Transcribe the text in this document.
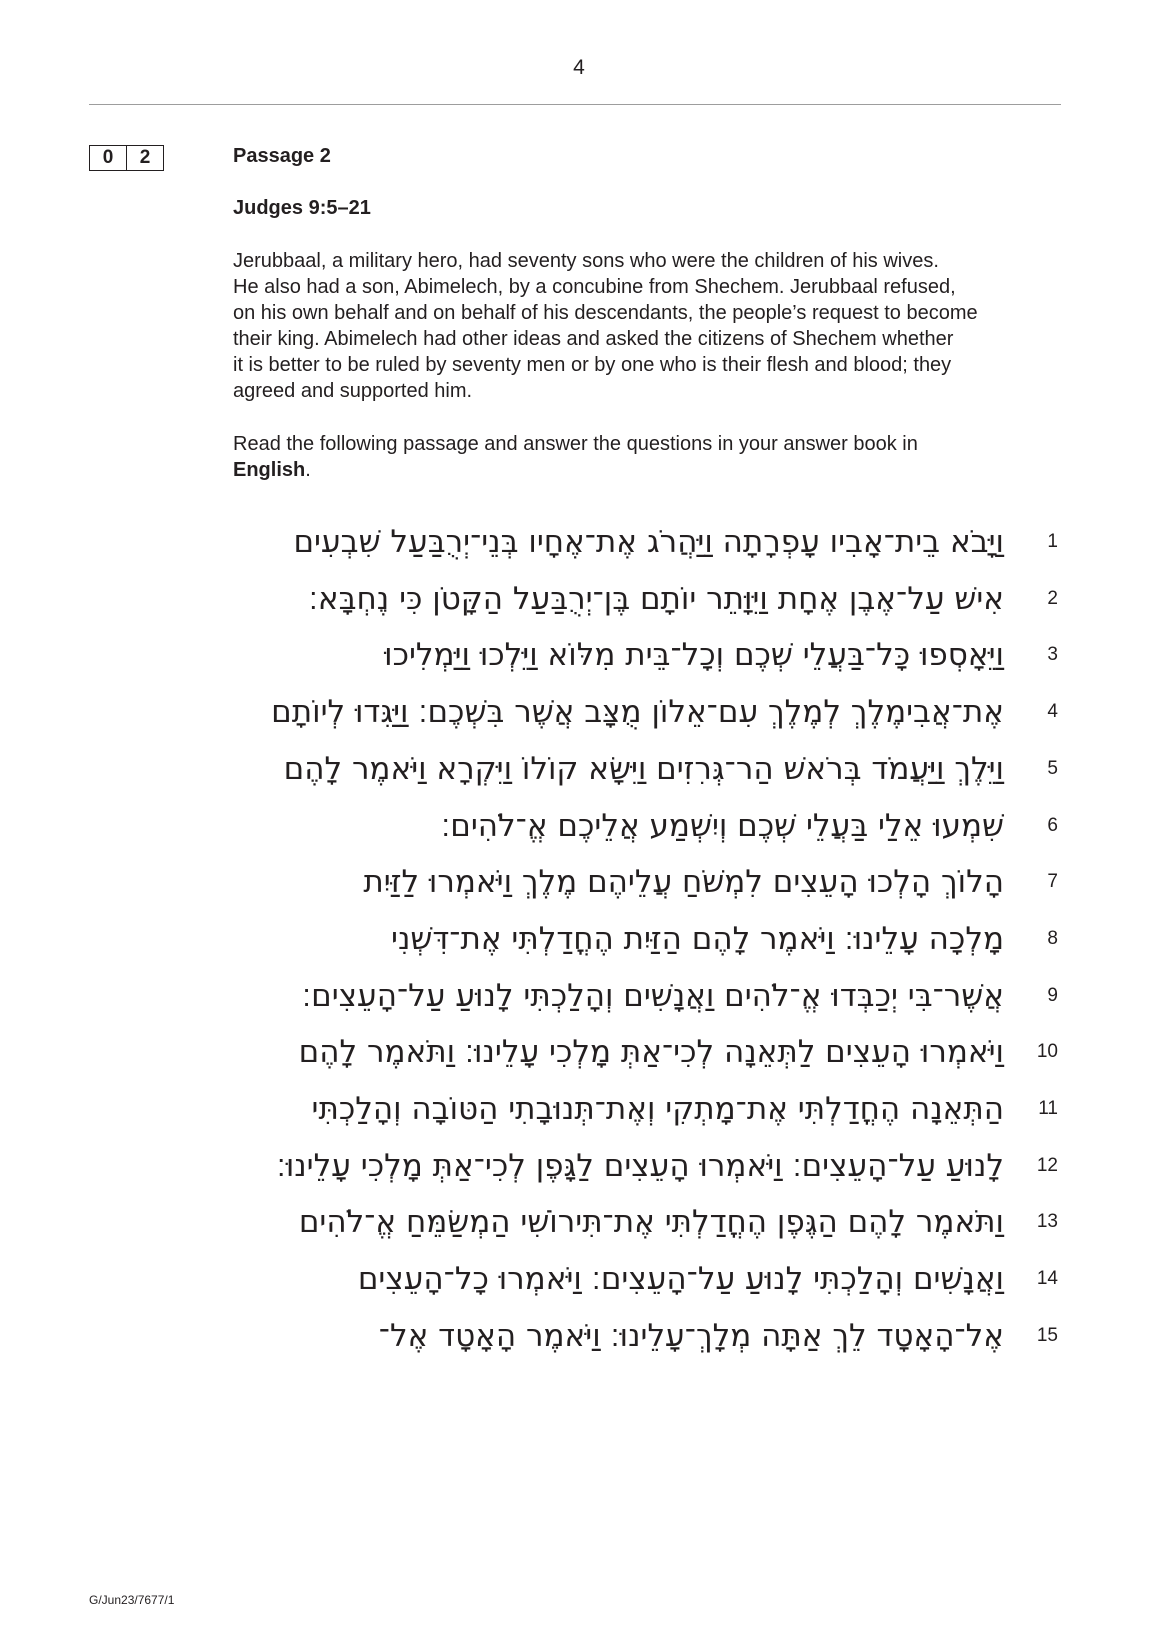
4
0	2	Passage 2
Judges 9:5–21

Jerubbaal, a military hero, had seventy sons who were the children of his wives.
He also had a son, Abimelech, by a concubine from Shechem. Jerubbaal refused,
on his own behalf and on behalf of his descendants, the people’s request to become
their king. Abimelech had other ideas and asked the citizens of Shechem whether
it is better to be ruled by seventy men or by one who is their flesh and blood; they
agreed and supported him.

Read the following passage and answer the questions in your answer book in
English.

1
וַיָּבֹא בֵית־אָבִיו עָפְרָתָה וַיַּהֲרֹג אֶת־אֶחָיו בְּנֵי־יְרֻבַּעַל שִׁבְעִים
2
אִישׁ עַל־אֶבֶן אֶחָת וַיִּוָּתֵר יוֹתָם בֶּן־יְרֻבַּעַל הַקָּטֹן כִּי נֶחְבָּא׃
3
וַיֵּאָסְפוּ כָּל־בַּעֲלֵי שְׁכֶם וְכָל־בֵּית מִלּוֹא וַיֵּלְכוּ וַיַּמְלִיכוּ
4
אֶת־אֲבִימֶלֶךְ לְמֶלֶךְ עִם־אֵלוֹן מֻצָּב אֲשֶׁר בִּשְׁכֶם׃ וַיַּגִּדוּ לְיוֹתָם
5
וַיֵּלֶךְ וַיַּעֲמֹד בְּרֹאשׁ הַר־גְּרִזִים וַיִּשָּׂא קוֹלוֹ וַיִּקְרָא וַיֹּאמֶר לָהֶם
6
שִׁמְעוּ אֵלַי בַּעֲלֵי שְׁכֶם וְיִשְׁמַע אֲלֵיכֶם אֱ־לֹהִים׃
7
הָלוֹךְ הָלְכוּ הָעֵצִים לִמְשֹׁחַ עֲלֵיהֶם מֶלֶךְ וַיֹּאמְרוּ לַזַּיִת
8
מָלְכָה עָלֵינוּ׃ וַיֹּאמֶר לָהֶם הַזַּיִת הֶחֳדַלְתִּי אֶת־דִּשְׁנִי
9
אֲשֶׁר־בִּי יְכַבְּדוּ אֱ־לֹהִים וַאֲנָשִׁים וְהָלַכְתִּי לָנוּעַ עַל־הָעֵצִים׃
10
וַיֹּאמְרוּ הָעֵצִים לַתְּאֵנָה לְכִי־אַתְּ מָלְכִי עָלֵינוּ׃ וַתֹּאמֶר לָהֶם
11
הַתְּאֵנָה הֶחֳדַלְתִּי אֶת־מָתְקִי וְאֶת־תְּנוּבָתִי הַטּוֹבָה וְהָלַכְתִּי
12
לָנוּעַ עַל־הָעֵצִים׃ וַיֹּאמְרוּ הָעֵצִים לַגָּפֶן לְכִי־אַתְּ מָלְכִי עָלֵינוּ׃
13
וַתֹּאמֶר לָהֶם הַגֶּפֶן הֶחֳדַלְתִּי אֶת־תִּירוֹשִׁי הַמְשַׂמֵּחַ אֱ־לֹהִים
14
וַאֲנָשִׁים וְהָלַכְתִּי לָנוּעַ עַל־הָעֵצִים׃ וַיֹּאמְרוּ כָל־הָעֵצִים
15
אֶל־הָאָטָד לֵךְ אַתָּה מְלָךְ־עָלֵינוּ׃ וַיֹּאמֶר הָאָטָד אֶל־
G/Jun23/7677/1
